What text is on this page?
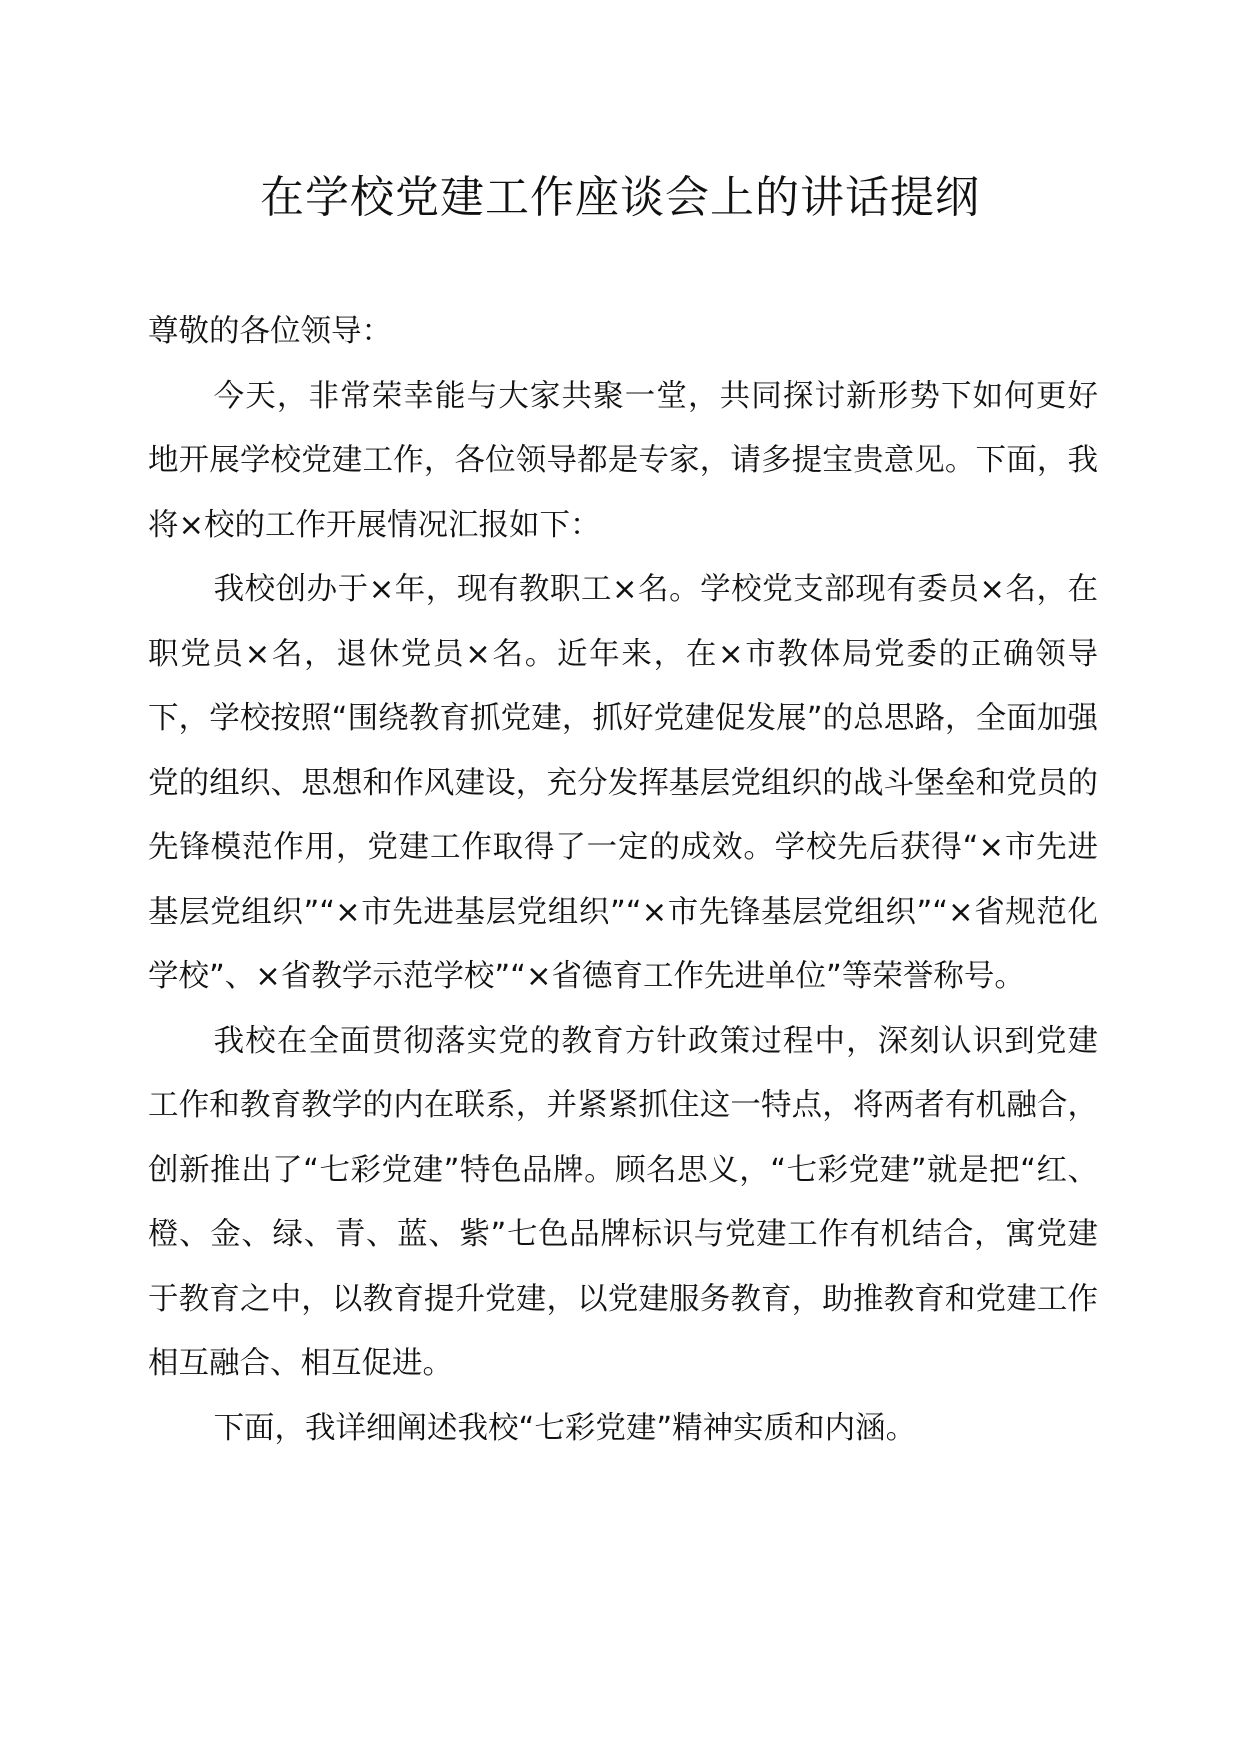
在学校党建工作座谈会上的讲话提纲

尊敬的各位领导：

今天，非常荣幸能与大家共聚一堂，共同探讨新形势下如何更好地开展学校党建工作，各位领导都是专家，请多提宝贵意见。下面，我将×校的工作开展情况汇报如下：

我校创办于×年，现有教职工×名。学校党支部现有委员×名，在职党员×名，退休党员×名。近年来，在×市教体局党委的正确领导下，学校按照“围绕教育抓党建，抓好党建促发展”的总思路，全面加强党的组织、思想和作风建设，充分发挥基层党组织的战斗堡垒和党员的先锋模范作用，党建工作取得了一定的成效。学校先后获得“×市先进基层党组织”“×市先进基层党组织”“×市先锋基层党组织”“×省规范化学校”、×省教学示范学校”“×省德育工作先进单位”等荣誉称号。

我校在全面贯彻落实党的教育方针政策过程中，深刻认识到党建工作和教育教学的内在联系，并紧紧抓住这一特点，将两者有机融合，创新推出了“七彩党建”特色品牌。顾名思义，“七彩党建”就是把“红、橙、金、绿、青、蓝、紫”七色品牌标识与党建工作有机结合，寓党建于教育之中，以教育提升党建，以党建服务教育，助推教育和党建工作相互融合、相互促进。

下面，我详细阐述我校“七彩党建”精神实质和内涵。
